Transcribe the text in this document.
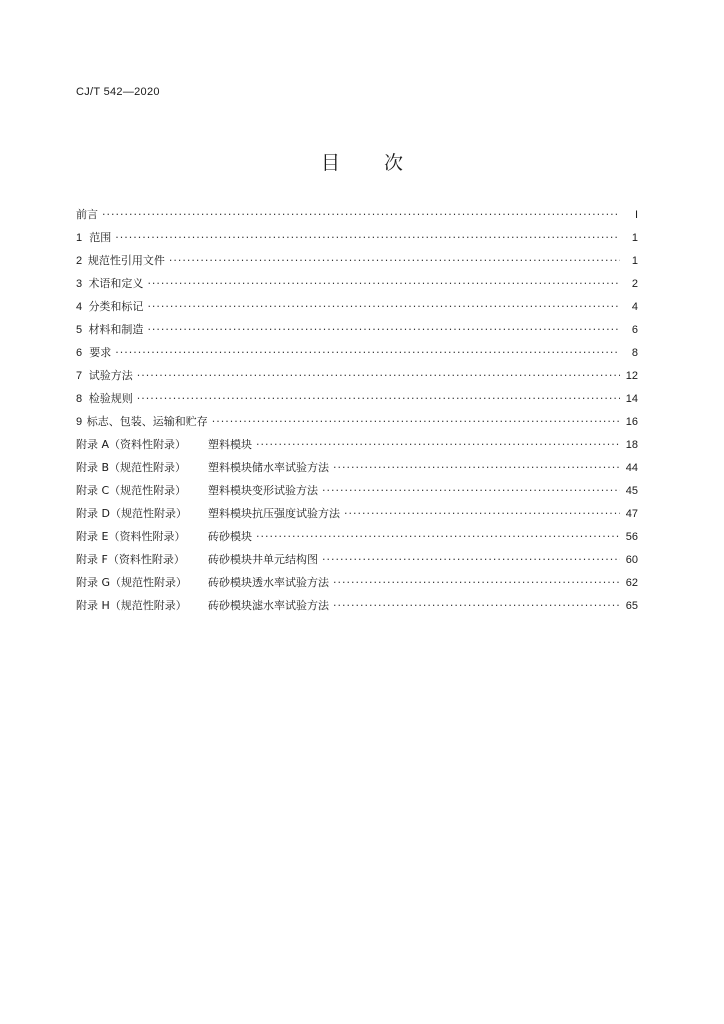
CJ/T 542—2020
目 次
前言 ·····	I
1 范围 ·····	1
2 规范性引用文件 ·····	1
3 术语和定义 ·····	2
4 分类和标记 ·····	4
5 材料和制造 ·····	6
6 要求 ·····	8
7 试验方法 ·····	12
8 检验规则 ·····	14
9 标志、包装、运输和贮存 ·····	16
附录 A（资料性附录）	塑料模块 ·····	18
附录 B（规范性附录）	塑料模块储水率试验方法 ·····	44
附录 C（规范性附录）	塑料模块变形试验方法 ·····	45
附录 D（规范性附录）	塑料模块抗压强度试验方法 ·····	47
附录 E（资料性附录）	砖砂模块 ·····	56
附录 F（资料性附录）	砖砂模块井单元结构图 ·····	60
附录 G（规范性附录）	砖砂模块透水率试验方法 ·····	62
附录 H（规范性附录）	砖砂模块滤水率试验方法 ·····	65
